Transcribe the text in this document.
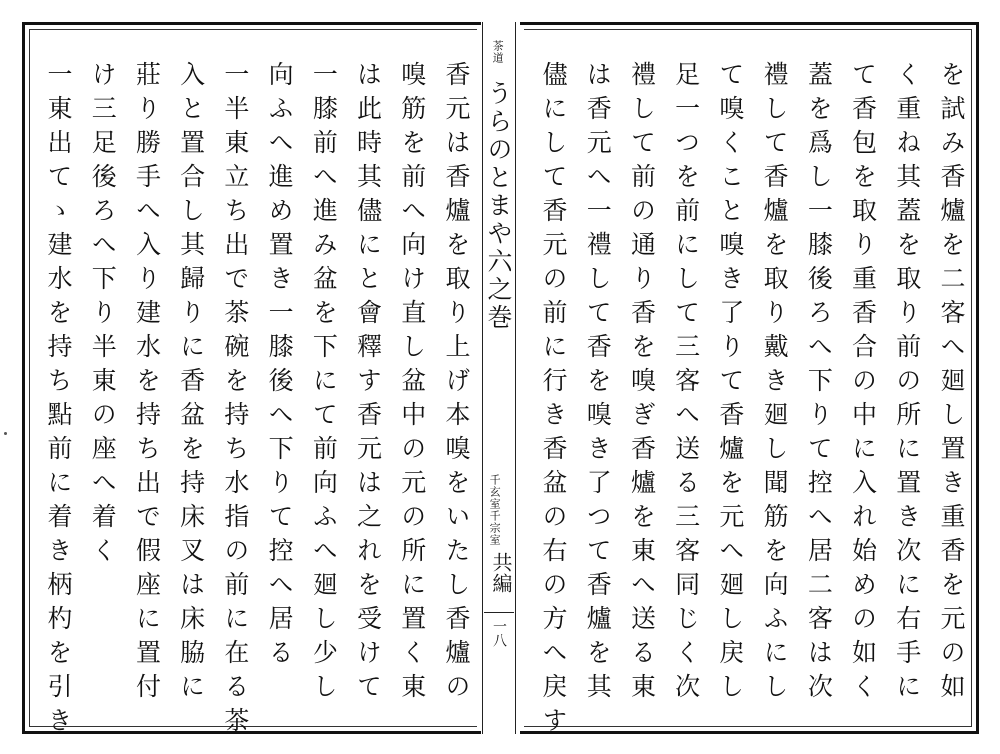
を試み香爐を二客へ廻し置き重香を元の如
く重ね其蓋を取り前の所に置き次に右手に
て香包を取り重香合の中に入れ始めの如く
蓋を爲し一膝後ろへ下りて控へ居二客は次
禮して香爐を取り戴き廻し聞筋を向ふにし
て嗅くこと嗅き了りて香爐を元へ廻し戻し
足一つを前にして三客へ送る三客同じく次
禮して前の通り香を嗅ぎ香爐を東へ送る東
は香元へ一禮して香を嗅き了つて香爐を其
儘にして香元の前に行き香盆の右の方へ戻す
茶道
うらのとまや六之巻
千玄室千宗室
共編
一八
香元は香爐を取り上げ本嗅をいたし香爐の
嗅筋を前へ向け直し盆中の元の所に置く東
は此時其儘にと會釋す香元は之れを受けて
一膝前へ進み盆を下にて前向ふへ廻し少し
向ふへ進め置き一膝後へ下りて控へ居る
一半東立ち出で茶碗を持ち水指の前に在る茶
入と置合し其歸りに香盆を持床叉は床脇に
莊り勝手へ入り建水を持ち出で假座に置付
け三足後ろへ下り半東の座へ着く
一東出てゝ建水を持ち點前に着き柄杓を引き
